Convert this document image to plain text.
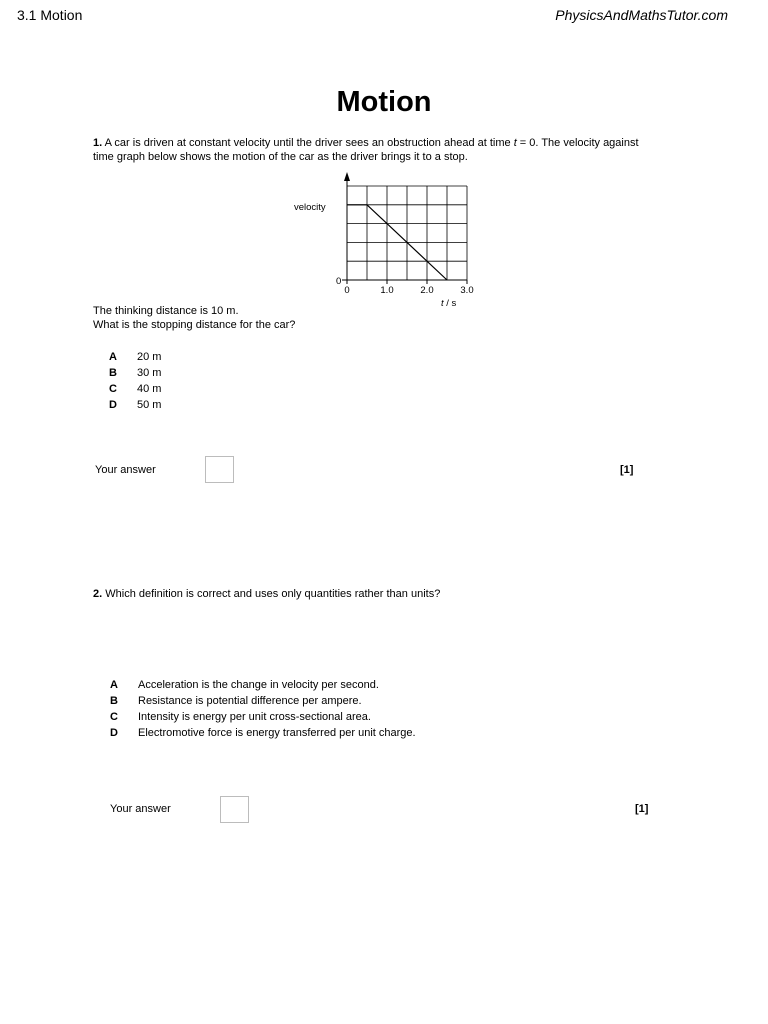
3.1 Motion	PhysicsAndMathsTutor.com
Motion
1. A car is driven at constant velocity until the driver sees an obstruction ahead at time t = 0. The velocity against
time graph below shows the motion of the car as the driver brings it to a stop.
velocity
0
0	1.0	2.0	3.0
t / s
The thinking distance is 10 m.
What is the stopping distance for the car?
A 20 m
B 30 m
C 40 m
D 50 m
Your answer	[1]
2. Which definition is correct and uses only quantities rather than units?
A Acceleration is the change in velocity per second.
B Resistance is potential difference per ampere.
C Intensity is energy per unit cross-sectional area.
D Electromotive force is energy transferred per unit charge.
Your answer	[1]
